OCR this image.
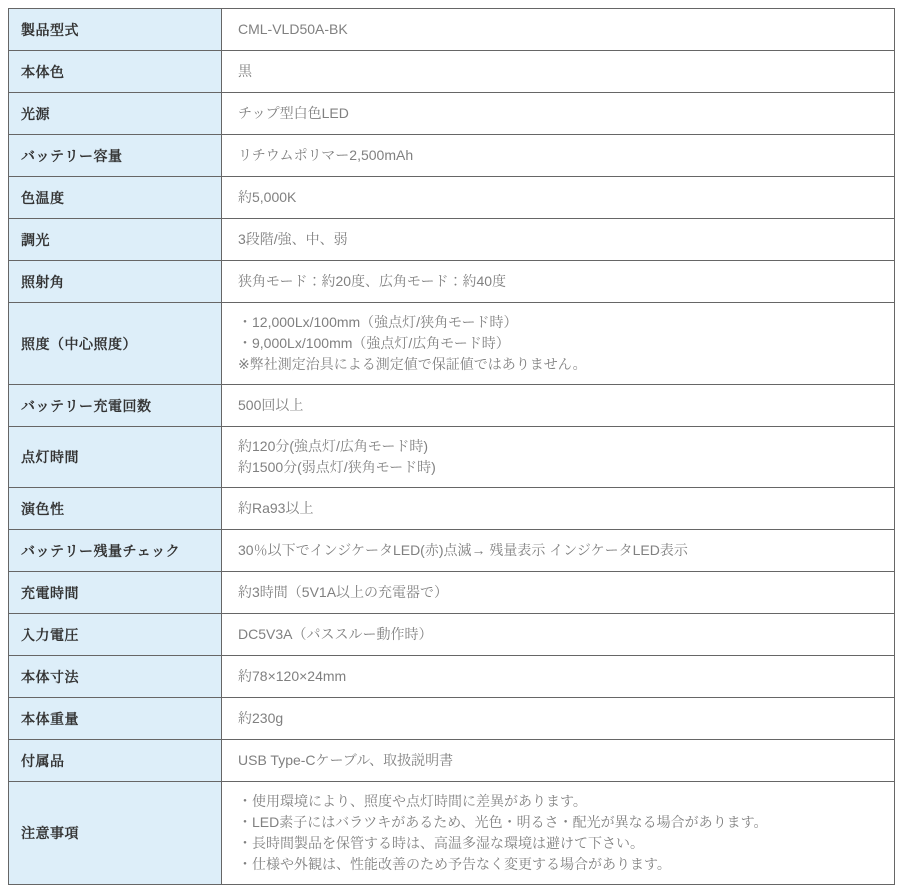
製品型式	CML-VLD50A-BK

本体色	黒

光源	チップ型白色LED

バッテリー容量	リチウムポリマー2,500mAh

色温度	約5,000K

調光	3段階/強、中、弱

照射角	狭角モード：約20度、広角モード：約40度

照度（中心照度）	・12,000Lx/100mm（強点灯/狭角モード時）
・9,000Lx/100mm（強点灯/広角モード時）
※弊社測定治具による測定値で保証値ではありません。

バッテリー充電回数	500回以上

点灯時間	約120分(強点灯/広角モード時)
約1500分(弱点灯/狭角モード時)

演色性	約Ra93以上

バッテリー残量チェック	30％以下でインジケータLED(赤)点滅→ 残量表示 インジケータLED表示

充電時間	約3時間（5V1A以上の充電器で）

入力電圧	DC5V3A（パススルー動作時）

本体寸法	約78×120×24mm

本体重量	約230g

付属品	USB Type-Cケーブル、取扱説明書

注意事項	・使用環境により、照度や点灯時間に差異があります。
・LED素子にはバラツキがあるため、光色・明るさ・配光が異なる場合があります。
・長時間製品を保管する時は、高温多湿な環境は避けて下さい。
・仕様や外観は、性能改善のため予告なく変更する場合があります。
